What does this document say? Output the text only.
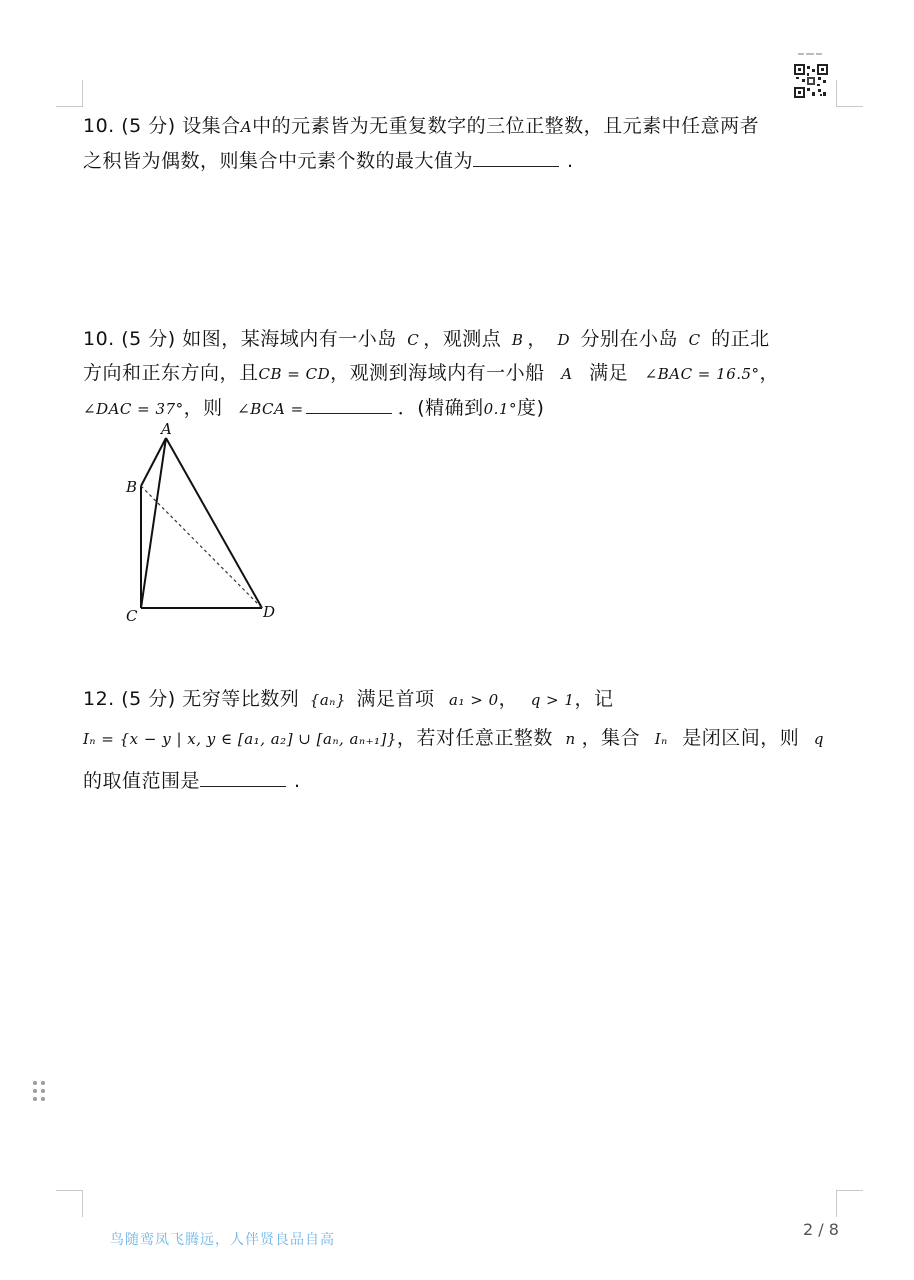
10. (5 分) 设集合A中的元素皆为无重复数字的三位正整数，且元素中任意两者
之积皆为偶数，则集合中元素个数的最大值为	.
10. (5 分) 如图，某海域内有一小岛 C ，观测点 B ， D 分别在小岛 C 的正北
方向和正东方向，且CB = CD，观测到海域内有一小船 A 满足 ∠BAC = 16.5°，
∠DAC = 37°，则 ∠BCA =	．(精确到0.1°度)
A
B
C	D
12. (5 分) 无穷等比数列 {aₙ} 满足首项 a₁ > 0， q > 1，记
Iₙ = {x − y | x, y ∈ [a₁, a₂] ∪ [aₙ, aₙ₊₁]}，若对任意正整数 n ，集合 Iₙ 是闭区间，则 q
的取值范围是	.
鸟随鸾凤飞腾远，人伴贤良品自高
2 / 8
